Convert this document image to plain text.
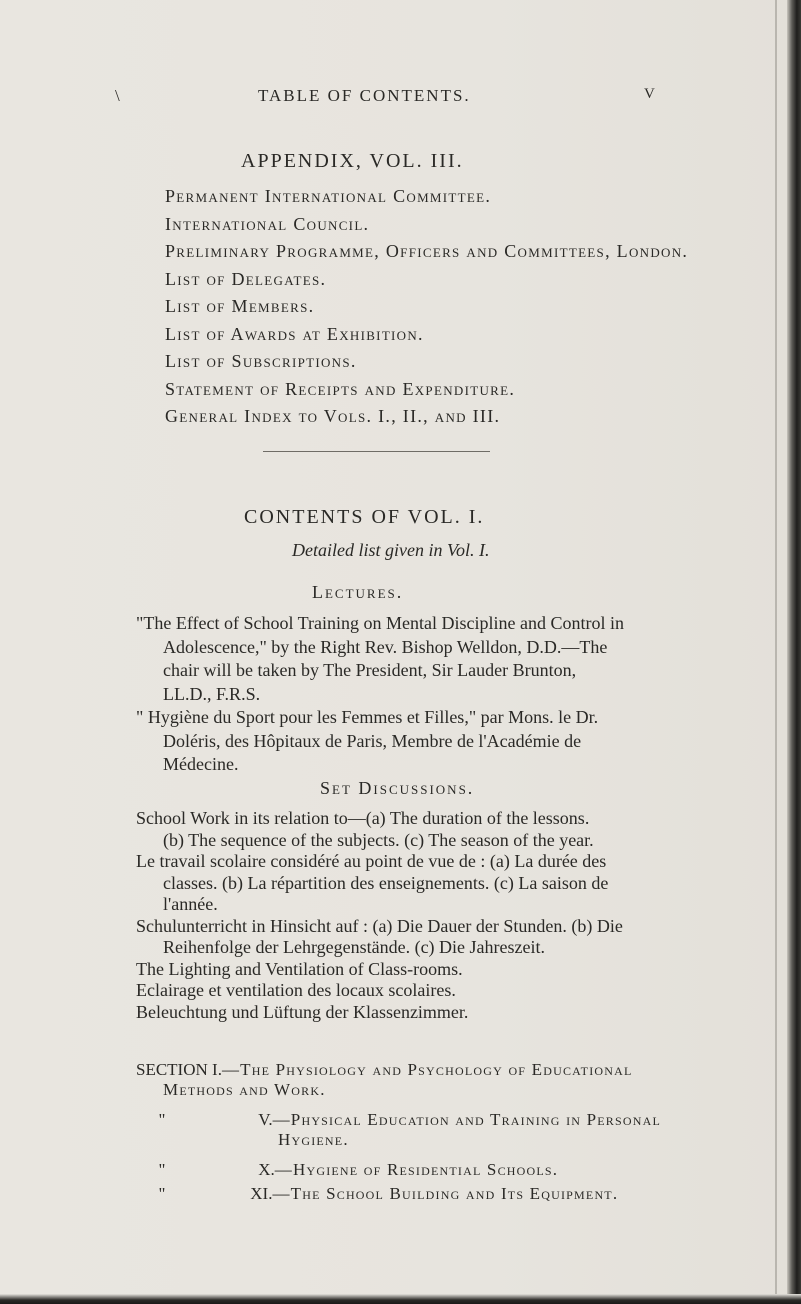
\	TABLE OF CONTENTS.	V
APPENDIX, VOL. III.
Permanent International Committee.
International Council.
Preliminary Programme, Officers and Committees, London.
List of Delegates.
List of Members.
List of Awards at Exhibition.
List of Subscriptions.
Statement of Receipts and Expenditure.
General Index to Vols. I., II., and III.
CONTENTS OF VOL. I.
Detailed list given in Vol. I.
Lectures.
"The Effect of School Training on Mental Discipline and Control in
Adolescence," by the Right Rev. Bishop Welldon, D.D.—The
chair will be taken by The President, Sir Lauder Brunton,
LL.D., F.R.S.
" Hygiène du Sport pour les Femmes et Filles," par Mons. le Dr.
Doléris, des Hôpitaux de Paris, Membre de l'Académie de
Médecine.
Set Discussions.
School Work in its relation to—(a) The duration of the lessons.
(b) The sequence of the subjects. (c) The season of the year.
Le travail scolaire considéré au point de vue de : (a) La durée des
classes. (b) La répartition des enseignements. (c) La saison de
l'année.
Schulunterricht in Hinsicht auf : (a) Die Dauer der Stunden. (b) Die
Reihenfolge der Lehrgegenstände. (c) Die Jahreszeit.
The Lighting and Ventilation of Class-rooms.
Eclairage et ventilation des locaux scolaires.
Beleuchtung und Lüftung der Klassenzimmer.
SECTION I.—The Physiology and Psychology of Educational
Methods and Work.
"	V.—Physical Education and Training in Personal
Hygiene.
"	X.—Hygiene of Residential Schools.
"	XI.—The School Building and Its Equipment.
